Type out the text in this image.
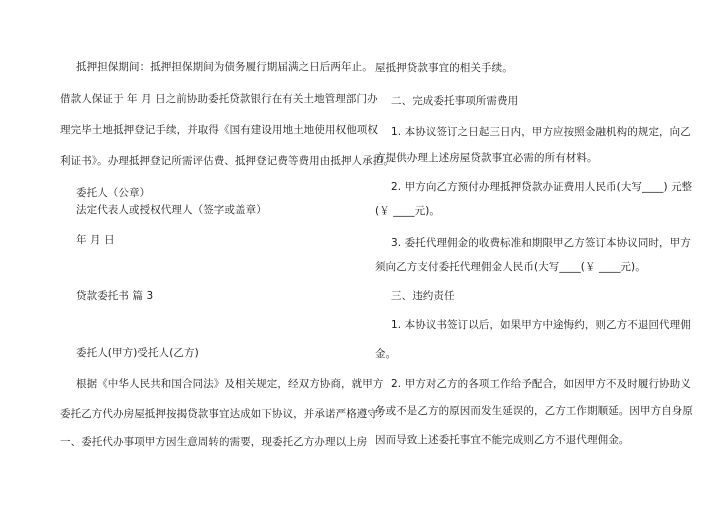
抵押担保期间：抵押担保期间为债务履行期届满之日后两年止。
借款人保证于 年 月 日之前协助委托贷款银行在有关土地管理部门办
理完毕土地抵押登记手续，并取得《国有建设用地土地使用权他项权
利证书》。办理抵押登记所需评估费、抵押登记费等费用由抵押人承担。
委托人（公章）
法定代表人或授权代理人（签字或盖章）
年 月 日
贷款委托书 篇 3
委托人(甲方)受托人(乙方)
根据《中华人民共和国合同法》及相关规定，经双方协商，就甲方
委托乙方代办房屋抵押按揭贷款事宜达成如下协议，并承诺严格遵守：
一、委托代办事项甲方因生意周转的需要，现委托乙方办理以上房
屋抵押贷款事宜的相关手续。
二、完成委托事项所需费用
1. 本协议签订之日起三日内，甲方应按照金融机构的规定，向乙
方提供办理上述房屋贷款事宜必需的所有材料。
2. 甲方向乙方预付办理抵押贷款办证费用人民币(大写____) 元整
(￥ ____元)。
3. 委托代理佣金的收费标准和期限甲乙方签订本协议同时，甲方
须向乙方支付委托代理佣金人民币(大写____(￥ ____元)。
三、违约责任
1. 本协议书签订以后，如果甲方中途悔约，则乙方不退回代理佣
金。
2. 甲方对乙方的各项工作给予配合，如因甲方不及时履行协助义
务或不是乙方的原因而发生延误的，乙方工作期顺延。因甲方自身原
因而导致上述委托事宜不能完成则乙方不退代理佣金。
